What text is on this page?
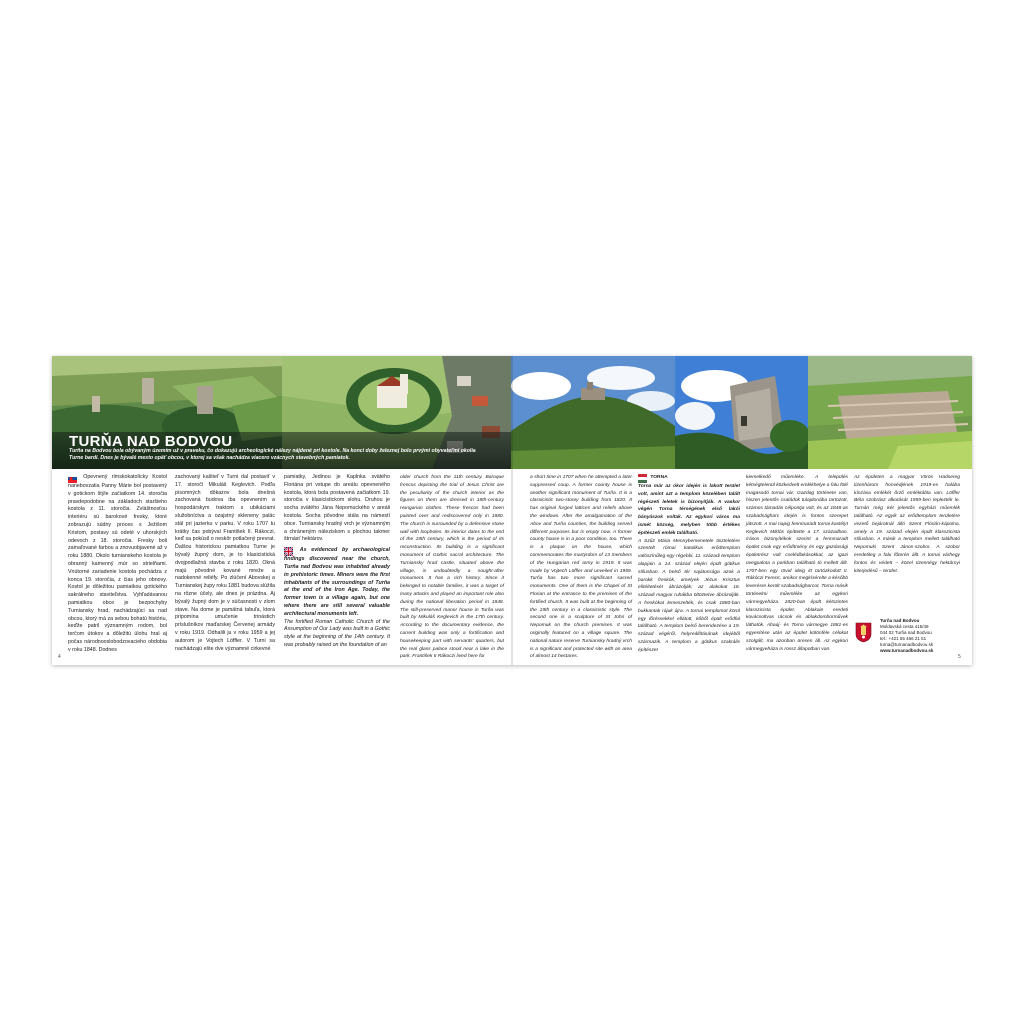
TURŇA NAD BODVOU
Turňa na Bodvou bola obývaným územím už v praveku, čo dokazujú archeologické nálezy nájdené pri kostole. Na konci doby železnej bolo prvými obyvateľmi okolia Turne bardí. Dnes je bývalé mesto opäť obcou, v ktorej sa však nachádza viacero vzácnych stavebných pamiatok.

Opevnený rímskokatolícky Kostol nanebovzatia Panny Márie bol postavený v gotickom štýle začiatkom 14. storočia pravdepodobne na základoch staršieho kostola z 11. storočia. Zvláštnosťou interiéru sú barokové fresky, ktoré zobrazujú súdny proces s Ježišom Kristom, postavy sú odeté v uhorských odevoch z 18. storočia. Fresky boli zamaľované farbou a znovuobjavené až v roku 1880. Okolo turnianskeho kostola je obranný kamenný múr so strielňami. Vnútorné zariadenie kostola pochádza z konca 19. storočia, z čias jeho obnovy. Kostol je dôležitou pamiatkou gotického sakrálneho staviteľstva. Vyhľadávanou pamiatkou obce je bezpochyby Turniansky hrad, nachádzajúci sa nad obcou, ktorý má za sebou bohatú históriu, keďže patril významným rodom, bol terčom útokov a dôležitú úlohu hral aj počas národnooslobodzovacieho obdobia v roku 1848. Dodnes

zachovaný kaštieľ v Turni dal postaviť v 17. storočí Mikuláš Keglevich. Podľa písomných dôkazov bola dnešná zachovaná budova iba opevnením a hospodárskym traktom s ubikáciami služobníctva a ozajstný skleneny palác stál pri jazierku v parku. V roku 1707 tu krátky čas pobýval František II. Rákoczi, keď sa pokúsil o neskôr potlačený prevrat. Ďalšou historickou pamiatkou Turne je bývalý župný dom, je to klasicistická dvojpodlažná stavba z roku 1820. Okná majú pôvodné kované mreže a nadokenné reliéfy. Po zlúčení Abovskej a Turnianskej župy roku 1881 budova slúžila na rôzne účely, ale dnes je prázdna. Aj bývalý župný dom je v súčasnosti v zlom stave. Na dome je pamätná tabuľa, ktorá pripomína umučenie trinástich príslušníkov maďarskej Červenej armády v roku 1919. Odhalili ju v roku 1959 a jej autorom je Vojtech Löffler. V Turni sa nachádzajú ešte dve významné cirkevné

pamiatky, Jedinou je Kaplnka svätého Floriána pri vstupe do areálu opevneného kostola, ktorá bola postavená začiatkom 19. storočia v klasicistickom slohu. Druhou je socha svätého Jána Nepomuckého v areáli kostola. Socha pôvodne stála na námestí obce. Turniansky hradný vrch je významným a chráneným náleziskom s plochou takmer štrnásť hektárov.

As evidenced by archaeological findings discovered near the church, Turňa nad Bodvou was inhabited already in prehistoric times. Miners were the first inhabitants of the surroundings of Turňa at the end of the Iron Age. Today, the former town is a village again, but one where there are still several valuable architectural monuments left.

The fortified Roman Catholic Church of the Assumption of Our Lady was built in a Gothic style at the beginning of the 14th century. It was probably raised on the foundation of an

older church from the 11th century. Baroque frescos depicting the trial of Jesus Christ are the peculiarity of the church interior as the figures on them are dressed in 18th-century Hungarian clothes. These frescos had been painted over and rediscovered only in 1880. The church is surrounded by a defensive stone wall with loopholes. Its interior dates to the end of the 19th century, which is the period of its reconstruction. Its building is a significant monument of Gothic sacral architecture. The Turniansky hrad castle, situated above the village, is undoubtedly a sought-after monument. It has a rich history. Since it belonged to notable families, it was a target of many attacks and played an important role also during the national liberation period in 1848. The still-preserved manor house in Turňa was built by Mikuláš Keglevich in the 17th century. According to the documentary evidence, the current building was only a fortification and housekeeping part with servants' quarters, but the real glass palace stood near a lake in the park. František II Rákoczi lived here for

4

a short time in 1707 when he attempted a later suppressed coup. A former county house is another significant monument of Turňa. It is a classicistic two-storey building from 1820. It has original forged lattices and reliefs above the windows. After the amalgamation of the Abov and Turňa counties, the building served different purposes but is empty now. A former county house is in a poor condition, too. There is a plaque on the house, which commemorates the martyrdom of 13 members of the Hungarian red army in 1919. It was made by Vojtech Löffler and unveiled in 1959. Turňa has two more significant sacred monuments. One of them is the Chapel of St Florian at the entrance to the premises of the fortified church. It was built at the beginning of the 19th century in a classicistic style. The second one is a sculpture of St John of Nepomuk on the church premises. It was originally featured on a village square. The national nature reserve Turniansky hradný vrch is a significant and protected site with an area of almost 14 hectares.

TORNA

Torna már az ókor idején is lakott terület volt, amint azt a templom közelében talált régészeti leletek is bizonyítják. A vaskor végén Torna térségének első lakói bányászok voltak. Az egykori város ma ismét község, melyben több értékes építészeti emlék található.

A Szűz Mária Mennybemenetele tiszteletére szentelt római katolikus erődtemplom valószínűleg egy régebbi, 11. századi templom alapjain a 14. század elején épült gótikus stílusban. A belső tér sajátossága azok a barokk freskók, amelyek Jézus Krisztus elítéltetését ábrázolják; az alakokat 18. századi magyar ruhákba öltöztetve ábrázolják. A freskókat lemeszelték, és csak 1880-ban bukkantak rájuk újra. A tornai templomot körül egy lőréssekkel ellátott, kőből épült erődfal található. A templom belső berendezése a 19. század végéről, helyreállításának idejéből származik. A templom a gótikus szakrális építészet

kiemelkedő műemléke. A település kétségtelenül közkedvelt emlékhelye a falu fölé magasodó tornai vár. Gazdag története van, hiszen jelentős családok tulajdonába tartozott, számos támadás célpontja volt, és az 1848-as szabadságharc idején is fontos szerepet játszott. A mai napig fennmaradt tornai kastélyt Keglevich Miklós építtette a 17. században. Írásos bizonyítékok szerint a fennmaradt épület csak egy erődítmény és egy gazdasági épületrész volt cselédlakásokkal, az igazi üvegpalota a parkban található tó mellett állt. 1707-ben egy rövid ideig itt tartózkodott II. Rákóczi Ferenc, amikor megkísérelte a később leverésre került szabadságharcot. Torna másik történelmi műemléke az egykori vármegyeháza. 1820-ban épült kétszintes klasszicista épület. Ablakain eredeti kovácsoltvas rácsok és ablakdomborművek láthatók. Abaúj- és Torna vármegye 1881-es egyesítése után az épület különféle célokat szolgált, ma azonban üresen áll. Az egykori vármegyeháza is rossz állapotban van.

Az épületen a magyar Vörös Hadsereg tizenhárom honvédjének 1919-es halálra kínzása emlékét őrző emléktábla van. Löffler Béla szobrász alkotását 1959-ben leplezték le. Turnán még két jelentős egyházi műemlék található. Az egyik az erődtemplom területére vezető bejáratnál álló Szent Flórián-kápolna, amely a 19. század elején épült klasszicista stílusban. A másik a templom mellett található Nepomuki Szent János-szobor. A szobor eredetileg a falu főterén állt. A tornai várhegy fontos és védett – közel tizennégy hektárnyi kiterjedésű – terület.

Turňa nad Bodvou
Moldavská cesta 415/49
044 02 Turňa nad Bodvou
tel.: +421 55 466 21 51
turna@turnanadbodvou.sk
www.turnanadbodvou.sk
5
